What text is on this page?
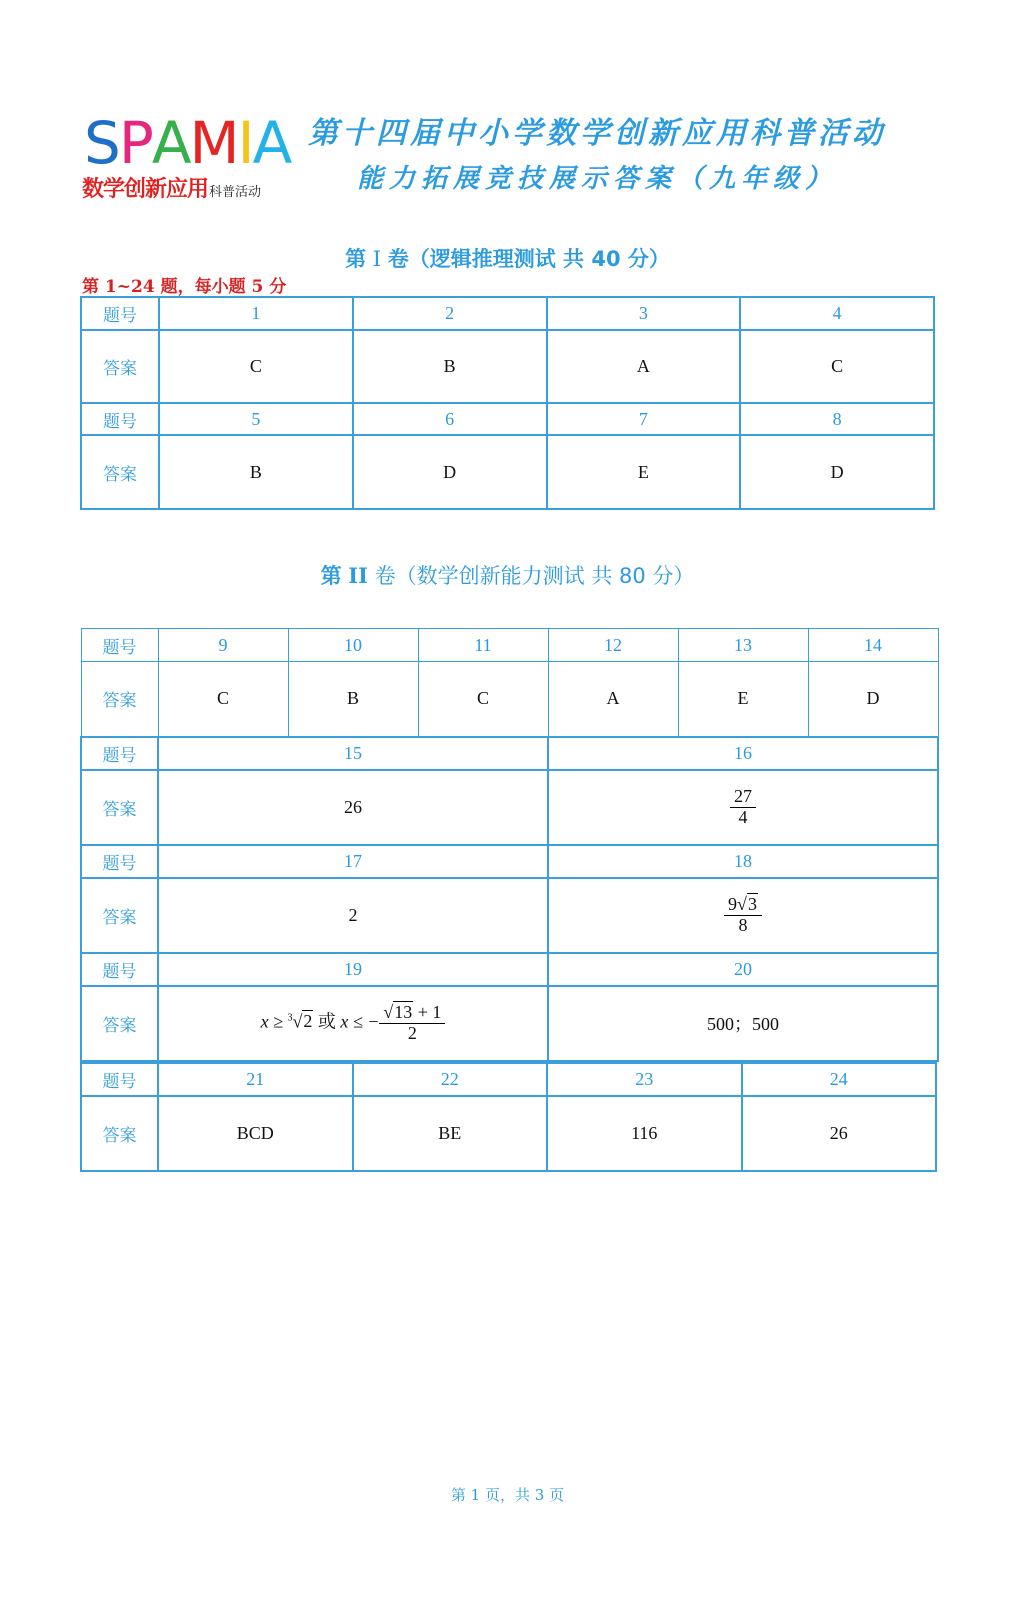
SPAMIA
数学创新应用科普活动
第十四届中小学数学创新应用科普活动
能力拓展竞技展示答案（九年级）
第 I 卷（逻辑推理测试 共 40 分）
第 1~24 题，每小题 5 分
题号	1	2	3	4
答案	C	B	A	C
题号	5	6	7	8
答案	B	D	E	D
第 II 卷（数学创新能力测试 共 80 分）
题号	9	10	11	12	13	14
答案	C	B	C	A	E	D
题号	15			16		
答案	26			$\frac{27}{4}$

题号	17			18		
答案	2			$\frac{9√3}{8}$

题号	19			20		
答案	x ≥ $^3$√2 或 x ≤ − $\frac{√13 + 1}{2}$			500；500		
题号	21	22	23	24
答案	BCD	BE	116	26
第 1 页，共 3 页
